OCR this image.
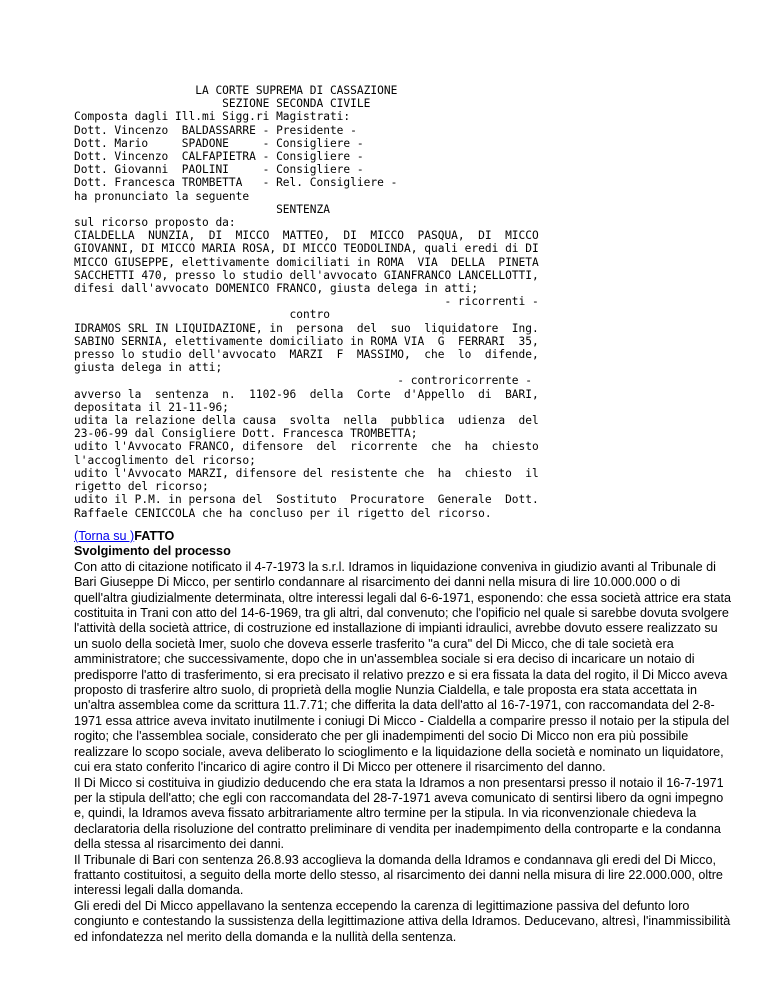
LA CORTE SUPREMA DI CASSAZIONE
SEZIONE SECONDA CIVILE
Composta dagli Ill.mi Sigg.ri Magistrati:
Dott. Vincenzo  BALDASSARRE - Presidente -
Dott. Mario     SPADONE     - Consigliere -
Dott. Vincenzo  CALFAPIETRA - Consigliere -
Dott. Giovanni  PAOLINI     - Consigliere -
Dott. Francesca TROMBETTA   - Rel. Consigliere -
ha pronunciato la seguente
SENTENZA
sul ricorso proposto da:
CIALDELLA  NUNZIA,  DI  MICCO  MATTEO,  DI  MICCO  PASQUA,  DI  MICCO
GIOVANNI, DI MICCO MARIA ROSA, DI MICCO TEODOLINDA, quali eredi di DI
MICCO GIUSEPPE, elettivamente domiciliati in ROMA  VIA  DELLA  PINETA
SACCHETTI 470, presso lo studio dell'avvocato GIANFRANCO LANCELLOTTI,
difesi dall'avvocato DOMENICO FRANCO, giusta delega in atti;
- ricorrenti -
contro
IDRAMOS SRL IN LIQUIDAZIONE, in  persona  del  suo  liquidatore  Ing.
SABINO SERNIA, elettivamente domiciliato in ROMA VIA  G  FERRARI  35,
presso lo studio dell'avvocato  MARZI  F  MASSIMO,  che  lo  difende,
giusta delega in atti;
- controricorrente -
avverso la  sentenza  n.  1102-96  della  Corte  d'Appello  di  BARI,
depositata il 21-11-96;
udita la relazione della causa  svolta  nella  pubblica  udienza  del
23-06-99 dal Consigliere Dott. Francesca TROMBETTA;
udito l'Avvocato FRANCO, difensore  del  ricorrente  che  ha  chiesto
l'accoglimento del ricorso;
udito l'Avvocato MARZI, difensore del resistente che  ha  chiesto  il
rigetto del ricorso;
udito il P.M. in persona del  Sostituto  Procuratore  Generale  Dott.
Raffaele CENICCOLA che ha concluso per il rigetto del ricorso.

(Torna su )FATTO

Svolgimento del processo

Con atto di citazione notificato il 4-7-1973 la s.r.l. Idramos in liquidazione conveniva in giudizio avanti al Tribunale di Bari Giuseppe Di Micco, per sentirlo condannare al risarcimento dei danni nella misura di lire 10.000.000 o di quell'altra giudizialmente determinata, oltre interessi legali dal 6-6-1971, esponendo: che essa società attrice era stata costituita in Trani con atto del 14-6-1969, tra gli altri, dal convenuto; che l'opificio nel quale si sarebbe dovuta svolgere l'attività della società attrice, di costruzione ed installazione di impianti idraulici, avrebbe dovuto essere realizzato su un suolo della società Imer, suolo che doveva esserle trasferito "a cura" del Di Micco, che di tale società era amministratore; che successivamente, dopo che in un'assemblea sociale si era deciso di incaricare un notaio di predisporre l'atto di trasferimento, si era precisato il relativo prezzo e si era fissata la data del rogito, il Di Micco aveva proposto di trasferire altro suolo, di proprietà della moglie Nunzia Cialdella, e tale proposta era stata accettata in un'altra assemblea come da scrittura 11.7.71; che differita la data dell'atto al 16-7-1971, con raccomandata del 2-8-1971 essa attrice aveva invitato inutilmente i coniugi Di Micco - Cialdella a comparire presso il notaio per la stipula del rogito; che l'assemblea sociale, considerato che per gli inadempimenti del socio Di Micco non era più possibile realizzare lo scopo sociale, aveva deliberato lo scioglimento e la liquidazione della società e nominato un liquidatore, cui era stato conferito l'incarico di agire contro il Di Micco per ottenere il risarcimento del danno.

Il Di Micco si costituiva in giudizio deducendo che era stata la Idramos a non presentarsi presso il notaio il 16-7-1971 per la stipula dell'atto; che egli con raccomandata del 28-7-1971 aveva comunicato di sentirsi libero da ogni impegno e, quindi, la Idramos aveva fissato arbitrariamente altro termine per la stipula. In via riconvenzionale chiedeva la declaratoria della risoluzione del contratto preliminare di vendita per inadempimento della controparte e la condanna della stessa al risarcimento dei danni.

Il Tribunale di Bari con sentenza 26.8.93 accoglieva la domanda della Idramos e condannava gli eredi del Di Micco, frattanto costituitosi, a seguito della morte dello stesso, al risarcimento dei danni nella misura di lire 22.000.000, oltre interessi legali dalla domanda.

Gli eredi del Di Micco appellavano la sentenza eccependo la carenza di legittimazione passiva del defunto loro congiunto e contestando la sussistenza della legittimazione attiva della Idramos. Deducevano, altresì, l'inammissibilità ed infondatezza nel merito della domanda e la nullità della sentenza.
